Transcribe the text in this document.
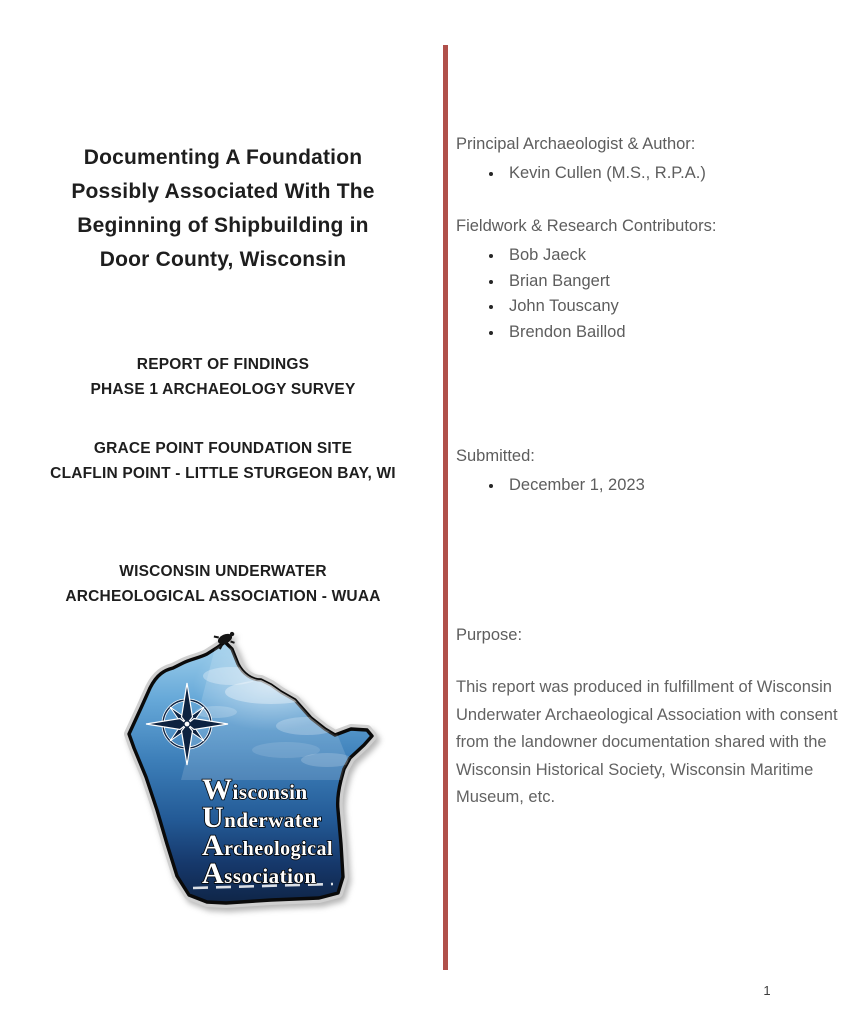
Documenting A Foundation
Possibly Associated With The
Beginning of Shipbuilding in
Door County, Wisconsin
REPORT OF FINDINGS
PHASE 1 ARCHAEOLOGY SURVEY
GRACE POINT FOUNDATION SITE
CLAFLIN POINT - LITTLE STURGEON BAY, WI
WISCONSIN UNDERWATER
ARCHEOLOGICAL ASSOCIATION - WUAA
Wisconsin
Underwater
Archeological
Association
Principal Archaeologist & Author:
• Kevin Cullen (M.S., R.P.A.)
Fieldwork & Research Contributors:
• Bob Jaeck
• Brian Bangert
• John Touscany
• Brendon Baillod
Submitted:
• December 1, 2023
Purpose:
This report was produced in fulfillment of Wisconsin Underwater Archaeological Association with consent from the landowner documentation shared with the Wisconsin Historical Society, Wisconsin Maritime Museum, etc.
1
